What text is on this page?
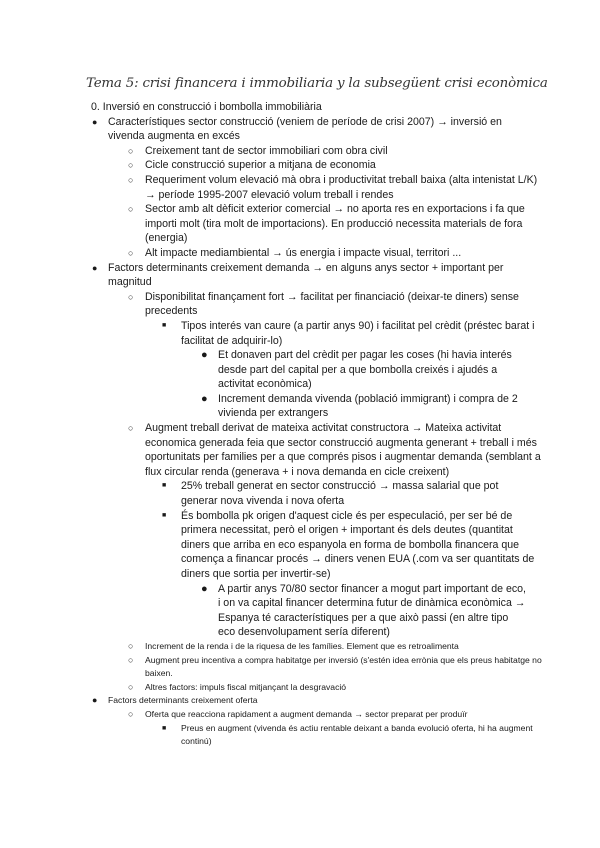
Tema 5: crisi financera i immobiliaria y la subsegüent crisi econòmica
0. Inversió en construcció i bombolla immobiliària
● Característiques sector construcció (veniem de període de crisi 2007) → inversió en vivenda augmenta en excés
○ Creixement tant de sector immobiliari com obra civil
○ Cicle construcció superior a mitjana de economia
○ Requeriment volum elevació mà obra i productivitat treball baixa (alta intenistat L/K) → període 1995-2007 elevació volum treball i rendes
○ Sector amb alt dèficit exterior comercial → no aporta res en exportacions i fa que importi molt (tira molt de importacions). En producció necessita materials de fora (energia)
○ Alt impacte mediambiental → ús energia i impacte visual, territori ...
● Factors determinants creixement demanda → en alguns anys sector + important per magnitud
○ Disponibilitat finançament fort → facilitat per financiació (deixar-te diners) sense precedents
■ Tipos interés van caure (a partir anys 90) i facilitat pel crèdit (préstec barat i facilitat de adquirir-lo)
● Et donaven part del crèdit per pagar les coses (hi havia interés desde part del capital per a que bombolla creixés i ajudés a activitat econòmica)
● Increment demanda vivenda (població immigrant) i compra de 2 vivienda per extrangers
○ Augment treball derivat de mateixa activitat constructora → Mateixa activitat economica generada feia que sector construcció augmenta generant + treball i més oportunitats per families per a que comprés pisos i augmentar demanda (semblant a flux circular renda (generava + i nova demanda en cicle creixent)
■ 25% treball generat en sector construcció → massa salarial que pot generar nova vivenda i nova oferta
■ És bombolla pk origen d'aquest cicle és per especulació, per ser bé de primera necessitat, però el origen + important és dels deutes (quantitat diners que arriba en eco espanyola en forma de bombolla financera que comença a financar procés → diners venen EUA (.com va ser quantitats de diners que sortia per invertir-se)
● A partir anys 70/80 sector financer a mogut part important de eco, i on va capital financer determina futur de dinàmica econòmica → Espanya té característiques per a que això passi (en altre tipo eco desenvolupament sería diferent)
○ Increment de la renda i de la riquesa de les famílies. Element que es retroalimenta
○ Augment preu incentiva a compra habitatge per inversió (s'estén idea errònia que els preus habitatge no baixen.
○ Altres factors: impuls fiscal mitjançant la desgravació
● Factors determinants creixement oferta
○ Oferta que reacciona rapidament a augment demanda → sector preparat per produïr
■ Preus en augment (vivenda és actiu rentable deixant a banda evolució oferta, hi ha augment continú)
